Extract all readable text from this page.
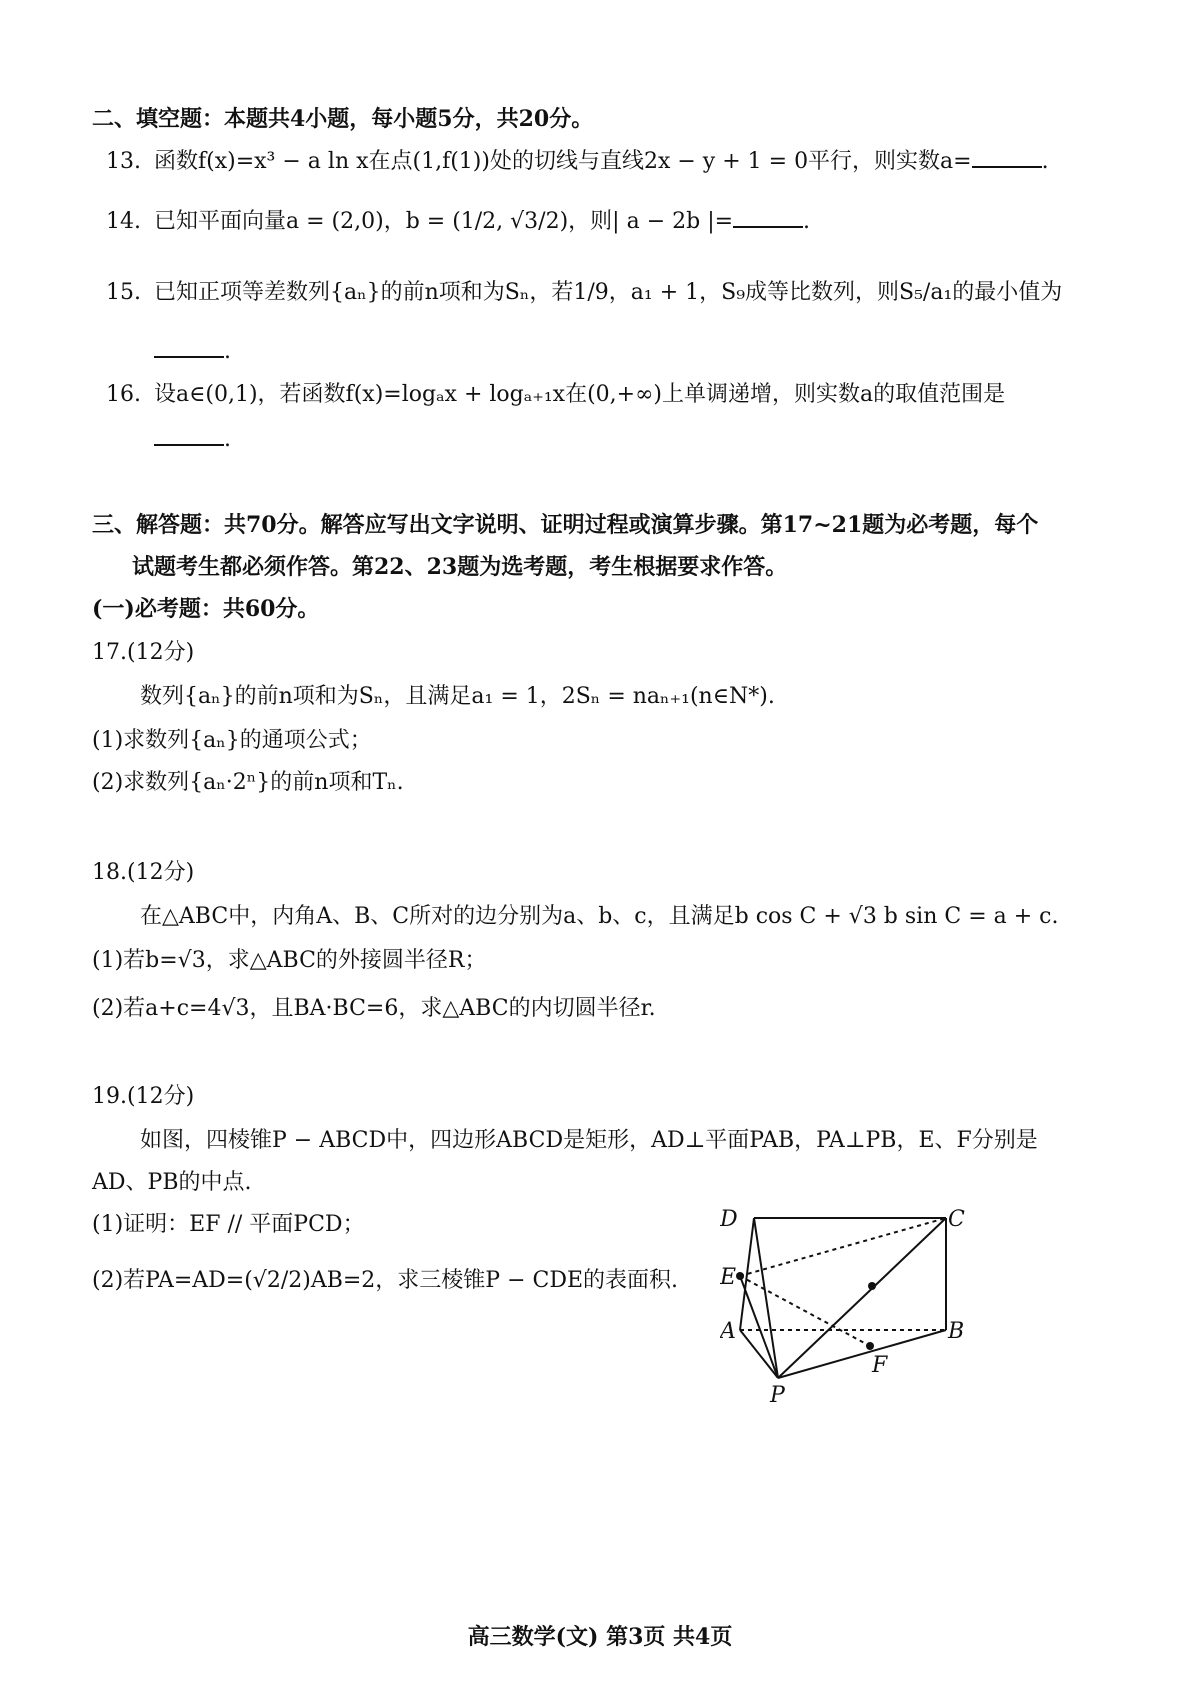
二、填空题：本题共4小题，每小题5分，共20分。
13. 函数f(x)=x³ − a ln x在点(1,f(1))处的切线与直线2x − y + 1 = 0平行，则实数a=	.
14. 已知平面向量a = (2,0)，b = (1/2, √3/2)，则| a − 2b |=	.
15. 已知正项等差数列{aₙ}的前n项和为Sₙ，若1/9，a₁ + 1，S₉成等比数列，则S₅/a₁的最小值为
.
16. 设a∈(0,1)，若函数f(x)=logₐx + logₐ₊₁x在(0,+∞)上单调递增，则实数a的取值范围是
.
三、解答题：共70分。解答应写出文字说明、证明过程或演算步骤。第17~21题为必考题，每个
试题考生都必须作答。第22、23题为选考题，考生根据要求作答。
(一)必考题：共60分。
17.(12分)
数列{aₙ}的前n项和为Sₙ，且满足a₁ = 1，2Sₙ = naₙ₊₁(n∈N*).
(1)求数列{aₙ}的通项公式；
(2)求数列{aₙ·2ⁿ}的前n项和Tₙ.
18.(12分)
在△ABC中，内角A、B、C所对的边分别为a、b、c，且满足b cos C + √3 b sin C = a + c.
(1)若b=√3，求△ABC的外接圆半径R；
(2)若a+c=4√3，且BA·BC=6，求△ABC的内切圆半径r.
19.(12分)
如图，四棱锥P − ABCD中，四边形ABCD是矩形，AD⊥平面PAB，PA⊥PB，E、F分别是
AD、PB的中点.
(1)证明：EF // 平面PCD；
(2)若PA=AD=(√2/2)AB=2，求三棱锥P − CDE的表面积.
D	C
E
A	B
F
P
高三数学(文) 第3页 共4页
